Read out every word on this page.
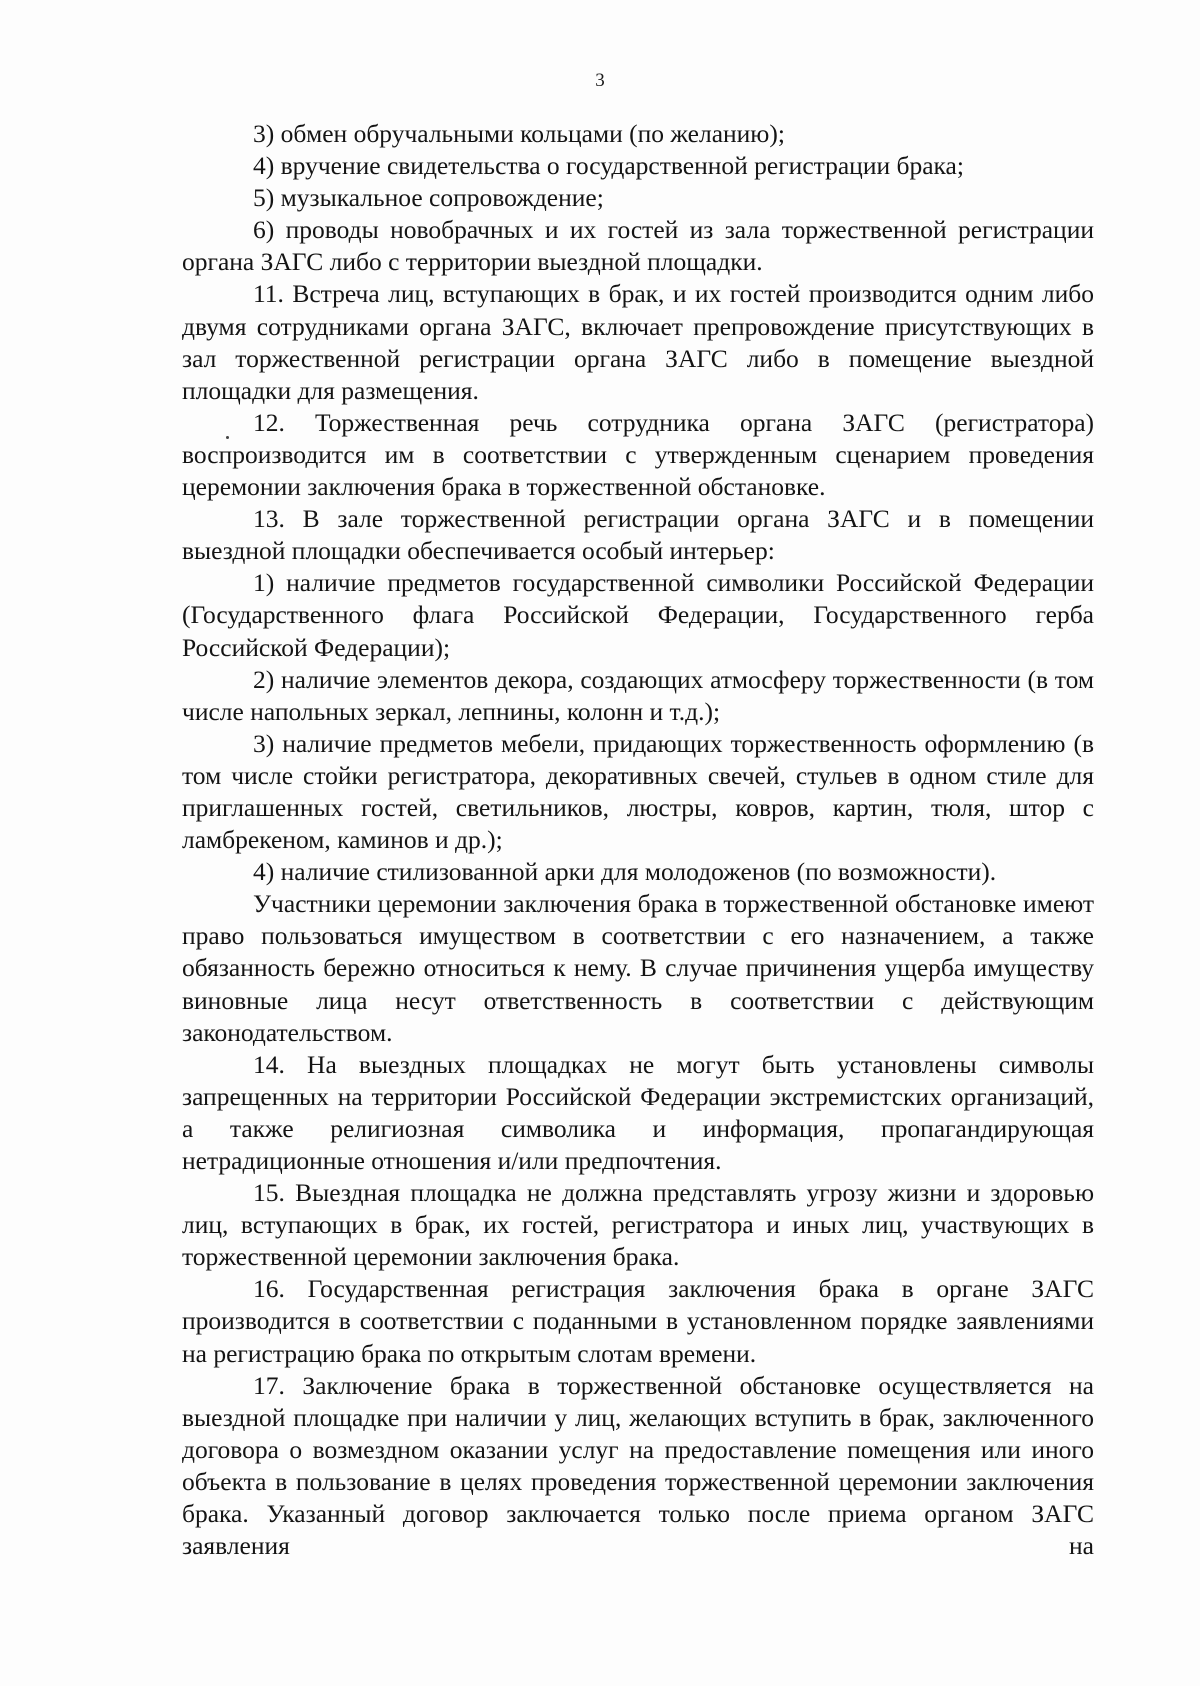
3

3) обмен обручальными кольцами (по желанию);

4) вручение свидетельства о государственной регистрации брака;

5) музыкальное сопровождение;

6) проводы новобрачных и их гостей из зала торжественной регистрации органа ЗАГС либо с территории выездной площадки.

11. Встреча лиц, вступающих в брак, и их гостей производится одним либо двумя сотрудниками органа ЗАГС, включает препровождение присутствующих в зал торжественной регистрации органа ЗАГС либо в помещение выездной площадки для размещения.

12. Торжественная речь сотрудника органа ЗАГС (регистратора) воспроизводится им в соответствии с утвержденным сценарием проведения церемонии заключения брака в торжественной обстановке.

13. В зале торжественной регистрации органа ЗАГС и в помещении выездной площадки обеспечивается особый интерьер:

1) наличие предметов государственной символики Российской Федерации (Государственного флага Российской Федерации, Государственного герба Российской Федерации);

2) наличие элементов декора, создающих атмосферу торжественности (в том числе напольных зеркал, лепнины, колонн и т.д.);

3) наличие предметов мебели, придающих торжественность оформлению (в том числе стойки регистратора, декоративных свечей, стульев в одном стиле для приглашенных гостей, светильников, люстры, ковров, картин, тюля, штор с ламбрекеном, каминов и др.);

4) наличие стилизованной арки для молодоженов (по возможности).

Участники церемонии заключения брака в торжественной обстановке имеют право пользоваться имуществом в соответствии с его назначением, а также обязанность бережно относиться к нему. В случае причинения ущерба имуществу виновные лица несут ответственность в соответствии с действующим законодательством.

14. На выездных площадках не могут быть установлены символы запрещенных на территории Российской Федерации экстремистских организаций, а также религиозная символика и информация, пропагандирующая нетрадиционные отношения и/или предпочтения.

15. Выездная площадка не должна представлять угрозу жизни и здоровью лиц, вступающих в брак, их гостей, регистратора и иных лиц, участвующих в торжественной церемонии заключения брака.

16. Государственная регистрация заключения брака в органе ЗАГС производится в соответствии с поданными в установленном порядке заявлениями на регистрацию брака по открытым слотам времени.

17. Заключение брака в торжественной обстановке осуществляется на выездной площадке при наличии у лиц, желающих вступить в брак, заключенного договора о возмездном оказании услуг на предоставление помещения или иного объекта в пользование в целях проведения торжественной церемонии заключения брака. Указанный договор заключается только после приема органом ЗАГС заявления на
